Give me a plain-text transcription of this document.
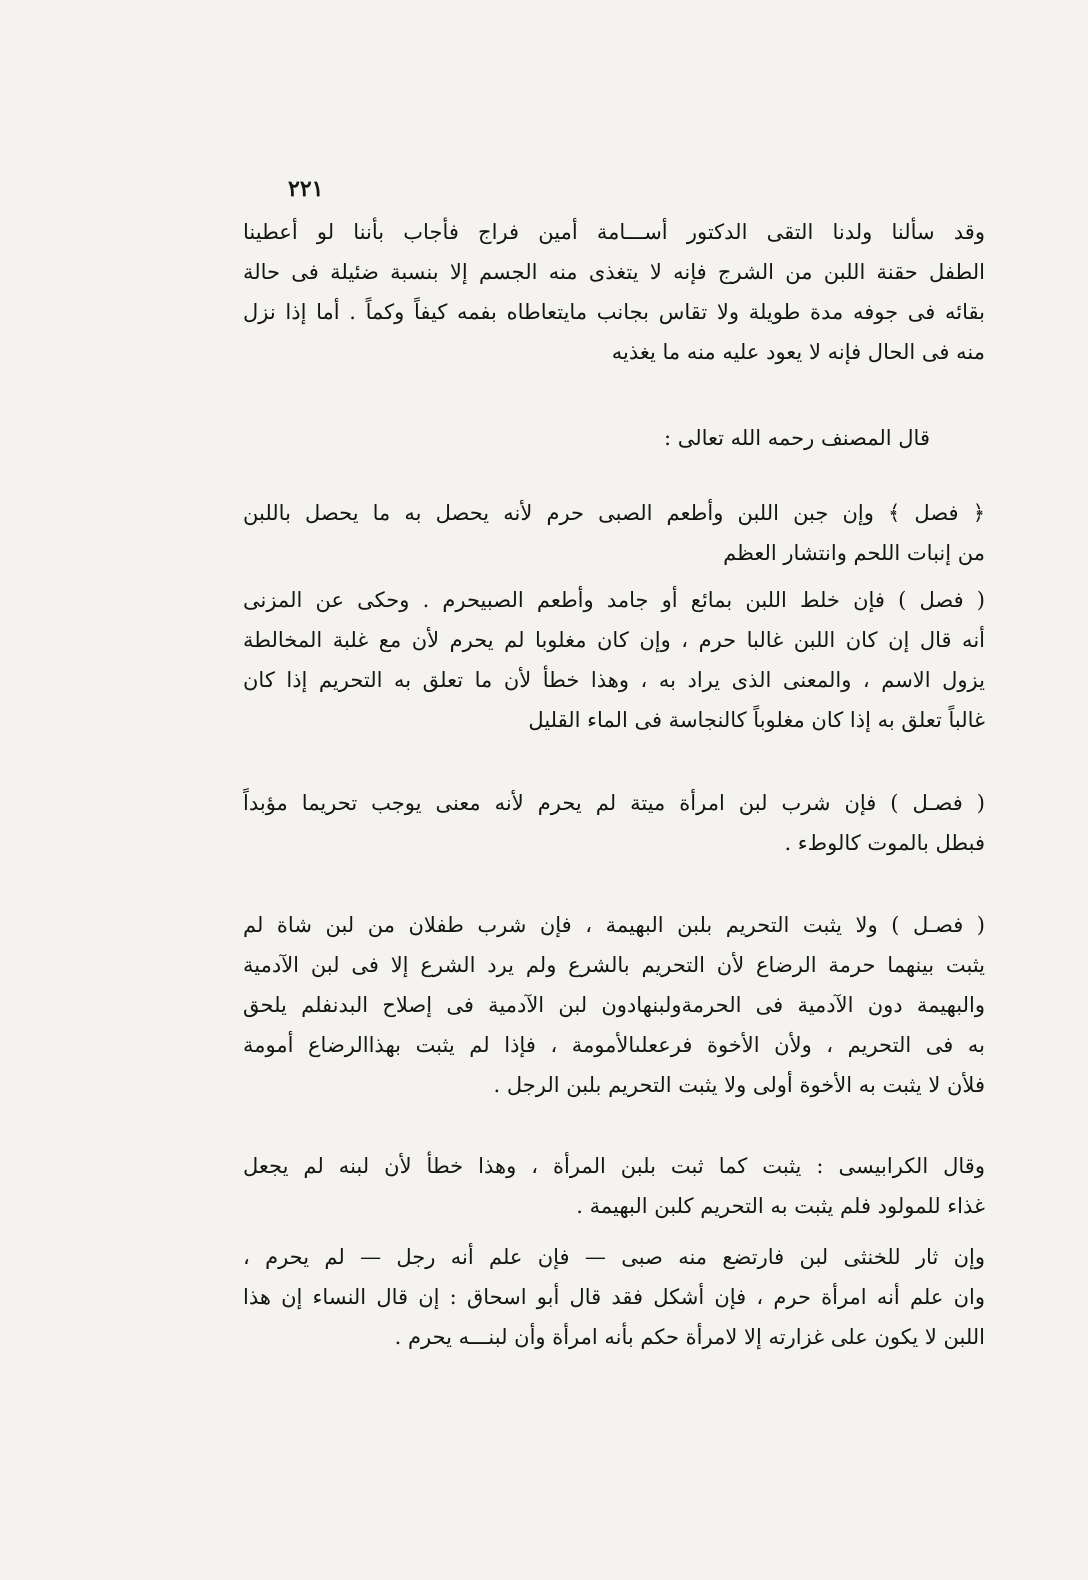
٢٢١
وقد سألنا ولدنا التقى الدكتور أســـامة أمين فراج فأجاب بأننا لو أعطينا
الطفل حقنة اللبن من الشرج فإنه لا يتغذى منه الجسم إلا بنسبة ضئيلة فى حالة
بقائه فى جوفه مدة طويلة ولا تقاس بجانب مايتعاطاه بفمه كيفاً وكماً . أما إذا نزل
منه فى الحال فإنه لا يعود عليه منه ما يغذيه
قال المصنف رحمه الله تعالى :
﴿ فصل ﴾ وإن جبن اللبن وأطعم الصبى حرم لأنه يحصل به ما يحصل باللبن
من إنبات اللحم وانتشار العظم
( فصل ) فإن خلط اللبن بمائع أو جامد وأطعم الصبيحرم . وحكى عن المزنى
أنه قال إن كان اللبن غالبا حرم ، وإن كان مغلوبا لم يحرم لأن مع غلبة المخالطة
يزول الاسم ، والمعنى الذى يراد به ، وهذا خطأ لأن ما تعلق به التحريم إذا كان
غالباً تعلق به إذا كان مغلوباً كالنجاسة فى الماء القليل
( فصـل ) فإن شرب لبن امرأة ميتة لم يحرم لأنه معنى يوجب تحريما مؤبداً
فبطل بالموت كالوطء .
( فصـل ) ولا يثبت التحريم بلبن البهيمة ، فإن شرب طفلان من لبن شاة لم
يثبت بينهما حرمة الرضاع لأن التحريم بالشرع ولم يرد الشرع إلا فى لبن الآدمية
والبهيمة دون الآدمية فى الحرمةولبنهادون لبن الآدمية فى إصلاح البدنفلم يلحق
به فى التحريم ، ولأن الأخوة فرععلىالأمومة ، فإذا لم يثبت بهذاالرضاع أمومة
فلأن لا يثبت به الأخوة أولى ولا يثبت التحريم بلبن الرجل .
وقال الكرابيسى : يثبت كما ثبت بلبن المرأة ، وهذا خطأ لأن لبنه لم يجعل
غذاء للمولود فلم يثبت به التحريم كلبن البهيمة .
وإن ثار للخنثى لبن فارتضع منه صبى — فإن علم أنه رجل — لم يحرم ،
وان علم أنه امرأة حرم ، فإن أشكل فقد قال أبو اسحاق : إن قال النساء إن هذا
اللبن لا يكون على غزارته إلا لامرأة حكم بأنه امرأة وأن لبنـــه يحرم .
